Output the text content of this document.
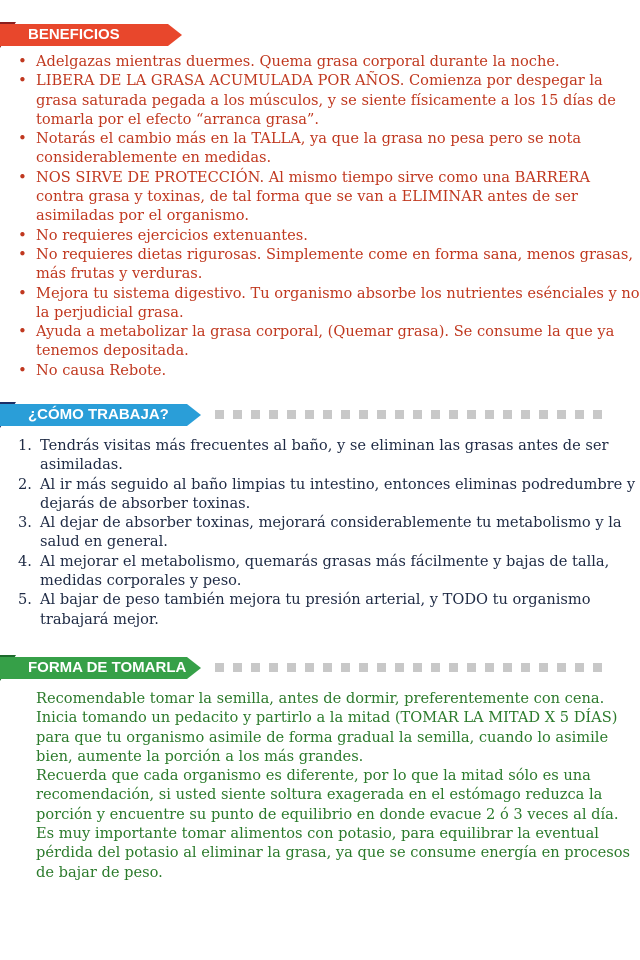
BENEFICIOS
• Adelgazas mientras duermes. Quema grasa corporal durante la noche.
• LIBERA DE LA GRASA ACUMULADA POR AÑOS. Comienza por despegar la grasa saturada pegada a los músculos, y se siente físicamente a los 15 días de tomarla por el efecto “arranca grasa”.
• Notarás el cambio más en la TALLA, ya que la grasa no pesa pero se nota considerablemente en medidas.
• NOS SIRVE DE PROTECCIÓN. Al mismo tiempo sirve como una BARRERA contra grasa y toxinas, de tal forma que se van a ELIMINAR antes de ser asimiladas por el organismo.
• No requieres ejercicios extenuantes.
• No requieres dietas rigurosas. Simplemente come en forma sana, menos grasas, más frutas y verduras.
• Mejora tu sistema digestivo. Tu organismo absorbe los nutrientes esénciales y no la perjudicial grasa.
• Ayuda a metabolizar la grasa corporal, (Quemar grasa). Se consume la que ya tenemos depositada.
• No causa Rebote.
¿CÓMO TRABAJA?
1. Tendrás visitas más frecuentes al baño, y se eliminan las grasas antes de ser asimiladas.
2. Al ir más seguido al baño limpias tu intestino, entonces eliminas podredumbre y dejarás de absorber toxinas.
3. Al dejar de absorber toxinas, mejorará considerablemente tu metabolismo y la salud en general.
4. Al mejorar el metabolismo, quemarás grasas más fácilmente y bajas de talla, medidas corporales y peso.
5. Al bajar de peso también mejora tu presión arterial, y TODO tu organismo trabajará mejor.
FORMA DE TOMARLA

Recomendable tomar la semilla, antes de dormir, preferentemente con cena.

Inicia tomando un pedacito y partirlo a la mitad (TOMAR LA MITAD X 5 DÍAS) para que tu organismo asimile de forma gradual la semilla, cuando lo asimile bien, aumente la porción a los más grandes.

Recuerda que cada organismo es diferente, por lo que la mitad sólo es una recomendación, si usted siente soltura exagerada en el estómago reduzca la porción y encuentre su punto de equilibrio en donde evacue 2 ó 3 veces al día.

Es muy importante tomar alimentos con potasio, para equilibrar la eventual pérdida del potasio al eliminar la grasa, ya que se consume energía en procesos de bajar de peso.
